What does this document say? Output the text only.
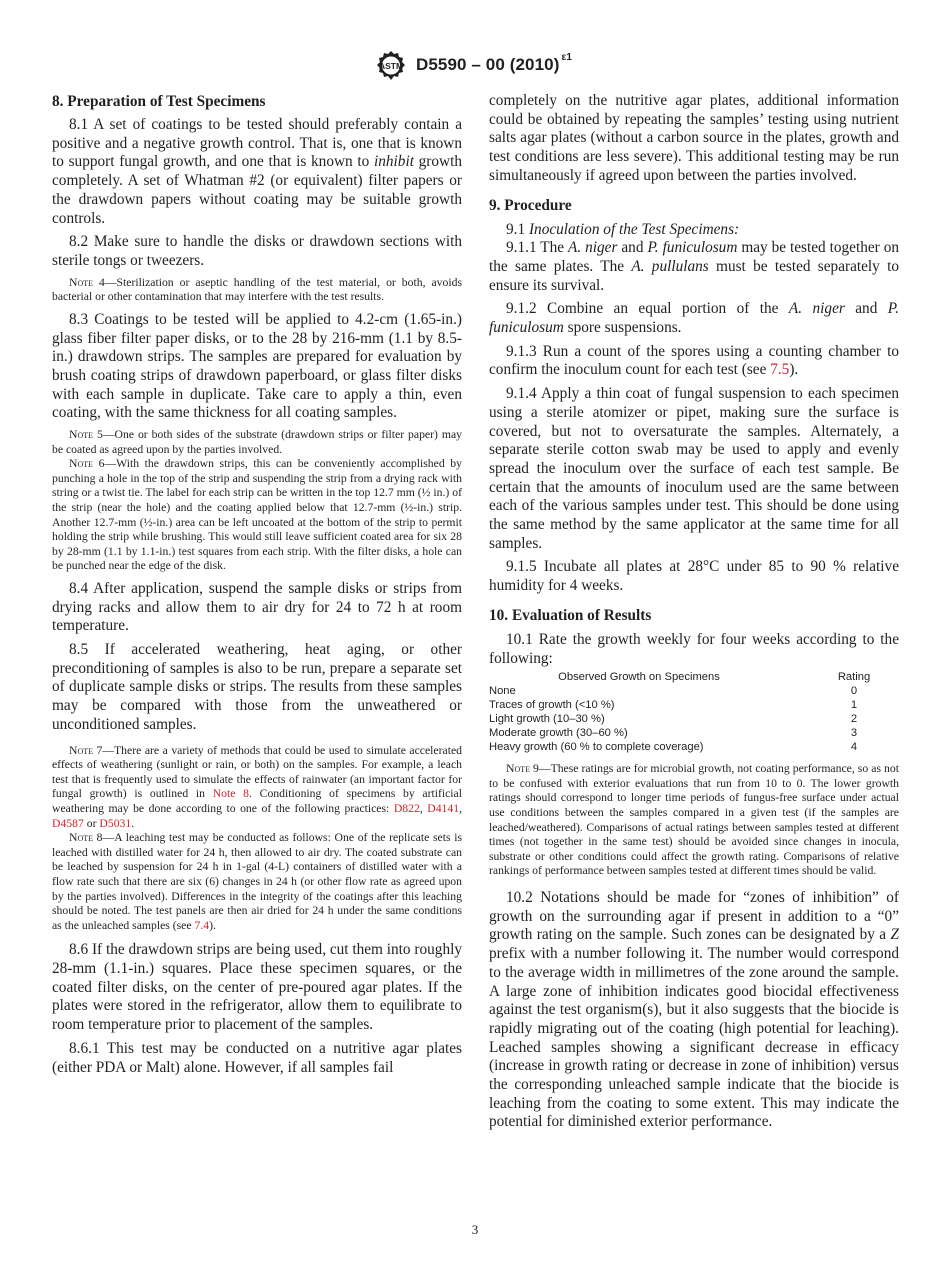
ASTM D5590 – 00 (2010) $^{\varepsilon 1}$
8. Preparation of Test Specimens

8.1 A set of coatings to be tested should preferably contain a positive and a negative growth control. That is, one that is known to support fungal growth, and one that is known to inhibit growth completely. A set of Whatman #2 (or equivalent) filter papers or the drawdown papers without coating may be suitable growth controls.

8.2 Make sure to handle the disks or drawdown sections with sterile tongs or tweezers.

Note 4—Sterilization or aseptic handling of the test material, or both, avoids bacterial or other contamination that may interfere with the test results.

8.3 Coatings to be tested will be applied to 4.2-cm (1.65-in.) glass fiber filter paper disks, or to the 28 by 216-mm (1.1 by 8.5-in.) drawdown strips. The samples are prepared for evaluation by brush coating strips of drawdown paperboard, or glass filter disks with each sample in duplicate. Take care to apply a thin, even coating, with the same thickness for all coating samples.

Note 5—One or both sides of the substrate (drawdown strips or filter paper) may be coated as agreed upon by the parties involved.

Note 6—With the drawdown strips, this can be conveniently accomplished by punching a hole in the top of the strip and suspending the strip from a drying rack with string or a twist tie. The label for each strip can be written in the top 12.7 mm (½ in.) of the strip (near the hole) and the coating applied below that 12.7-mm (½-in.) strip. Another 12.7-mm (½-in.) area can be left uncoated at the bottom of the strip to permit holding the strip while brushing. This would still leave sufficient coated area for six 28 by 28-mm (1.1 by 1.1-in.) test squares from each strip. With the filter disks, a hole can be punched near the edge of the disk.

8.4 After application, suspend the sample disks or strips from drying racks and allow them to air dry for 24 to 72 h at room temperature.

8.5 If accelerated weathering, heat aging, or other preconditioning of samples is also to be run, prepare a separate set of duplicate sample disks or strips. The results from these samples may be compared with those from the unweathered or unconditioned samples.

Note 7—There are a variety of methods that could be used to simulate accelerated effects of weathering (sunlight or rain, or both) on the samples. For example, a leach test that is frequently used to simulate the effects of rainwater (an important factor for fungal growth) is outlined in Note 8. Conditioning of specimens by artificial weathering may be done according to one of the following practices: D822, D4141, D4587 or D5031.

Note 8—A leaching test may be conducted as follows: One of the replicate sets is leached with distilled water for 24 h, then allowed to air dry. The coated substrate can be leached by suspension for 24 h in 1-gal (4-L) containers of distilled water with a flow rate such that there are six (6) changes in 24 h (or other flow rate as agreed upon by the parties involved). Differences in the integrity of the coatings after this leaching should be noted. The test panels are then air dried for 24 h under the same conditions as the unleached samples (see 7.4).

8.6 If the drawdown strips are being used, cut them into roughly 28-mm (1.1-in.) squares. Place these specimen squares, or the coated filter disks, on the center of pre-poured agar plates. If the plates were stored in the refrigerator, allow them to equilibrate to room temperature prior to placement of the samples.

8.6.1 This test may be conducted on a nutritive agar plates (either PDA or Malt) alone. However, if all samples fail

completely on the nutritive agar plates, additional information could be obtained by repeating the samples’ testing using nutrient salts agar plates (without a carbon source in the plates, growth and test conditions are less severe). This additional testing may be run simultaneously if agreed upon between the parties involved.

9. Procedure

9.1 Inoculation of the Test Specimens:

9.1.1 The A. niger and P. funiculosum may be tested together on the same plates. The A. pullulans must be tested separately to ensure its survival.

9.1.2 Combine an equal portion of the A. niger and P. funiculosum spore suspensions.

9.1.3 Run a count of the spores using a counting chamber to confirm the inoculum count for each test (see 7.5).

9.1.4 Apply a thin coat of fungal suspension to each specimen using a sterile atomizer or pipet, making sure the surface is covered, but not to oversaturate the samples. Alternately, a separate sterile cotton swab may be used to apply and evenly spread the inoculum over the surface of each test sample. Be certain that the amounts of inoculum used are the same between each of the various samples under test. This should be done using the same method by the same applicator at the same time for all samples.

9.1.5 Incubate all plates at 28°C under 85 to 90 % relative humidity for 4 weeks.

10. Evaluation of Results

10.1 Rate the growth weekly for four weeks according to the following:

Observed Growth on Specimens	Rating
None	0
Traces of growth (<10 %)	1
Light growth (10–30 %)	2
Moderate growth (30–60 %)	3
Heavy growth (60 % to complete coverage)	4

Note 9—These ratings are for microbial growth, not coating performance, so as not to be confused with exterior evaluations that run from 10 to 0. The lower growth ratings should correspond to longer time periods of fungus-free surface under actual use conditions between the samples compared in a given test (if the samples are leached/weathered). Comparisons of actual ratings between samples tested at different times (not together in the same test) should be avoided since changes in inocula, substrate or other conditions could affect the growth rating. Comparisons of relative rankings of performance between samples tested at different times should be valid.

10.2 Notations should be made for “zones of inhibition” of growth on the surrounding agar if present in addition to a “0” growth rating on the sample. Such zones can be designated by a Z prefix with a number following it. The number would correspond to the average width in millimetres of the zone around the sample. A large zone of inhibition indicates good biocidal effectiveness against the test organism(s), but it also suggests that the biocide is rapidly migrating out of the coating (high potential for leaching). Leached samples showing a significant decrease in efficacy (increase in growth rating or decrease in zone of inhibition) versus the corresponding unleached sample indicate that the biocide is leaching from the coating to some extent. This may indicate the potential for diminished exterior performance.

3
